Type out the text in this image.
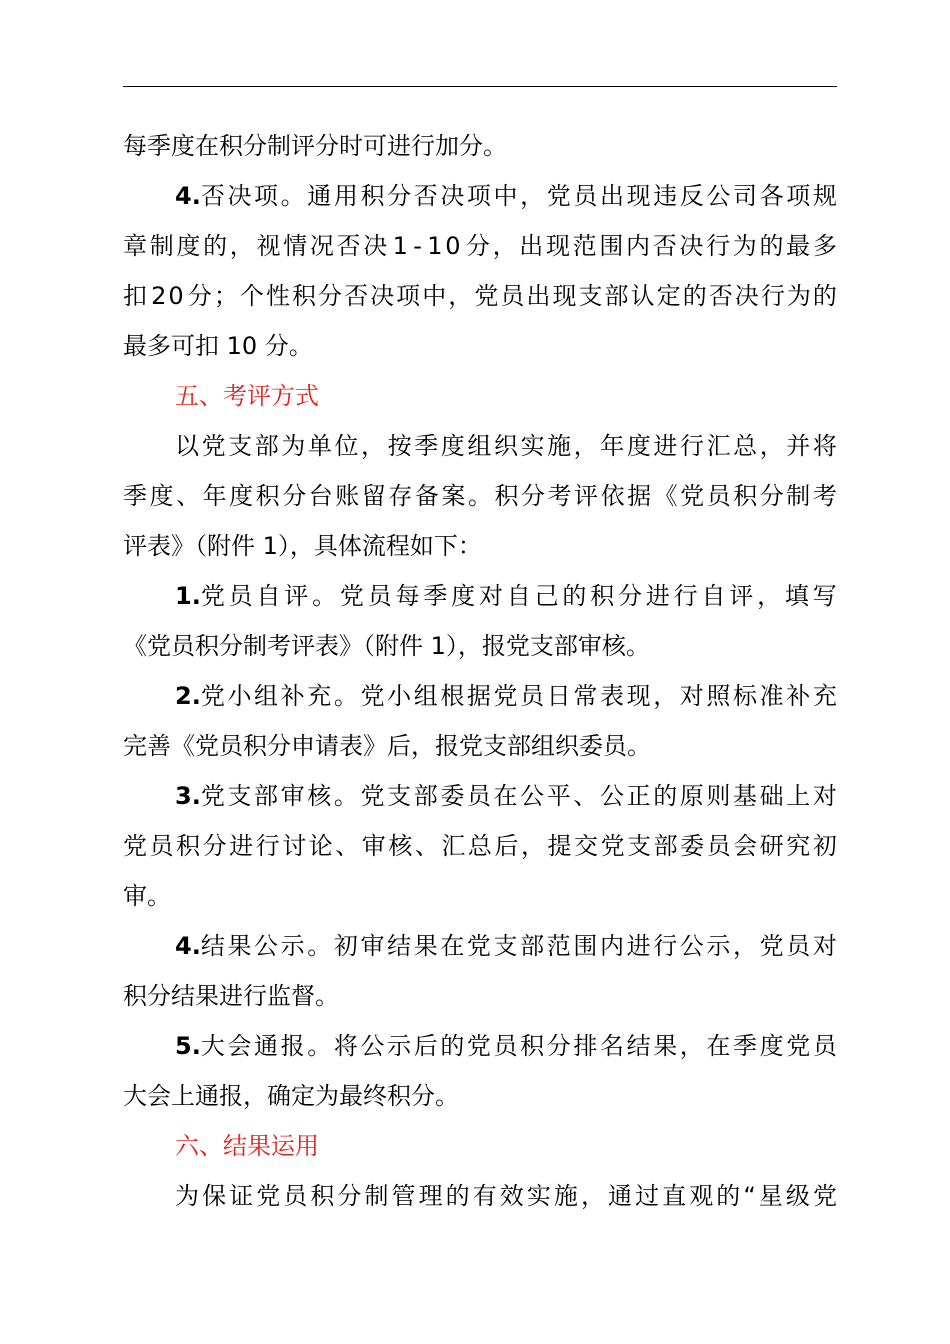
每季度在积分制评分时可进行加分。
4. 否 决 项 。 通 用 积 分 否 决 项 中 ， 党 员 出 现 违 反 公 司 各 项 规
章 制 度 的 ， 视 情 况 否 决 1 - 1 0 分 ， 出 现 范 围 内 否 决 行 为 的 最 多
扣 2 0 分 ； 个 性 积 分 否 决 项 中 ， 党 员 出 现 支 部 认 定 的 否 决 行 为 的
最多可扣 10 分。
五、考评方式
以 党 支 部 为 单 位 ， 按 季 度 组 织 实 施 ， 年 度 进 行 汇 总 ， 并 将
季 度 、 年 度 积 分 台 账 留 存 备 案 。 积 分 考 评 依 据 《 党 员 积 分 制 考
评表》（附件 1），具体流程如下：
1. 党 员 自 评 。 党 员 每 季 度 对 自 己 的 积 分 进 行 自 评 ， 填 写
《党员积分制考评表》（附件 1），报党支部审核。
2. 党 小 组 补 充 。 党 小 组 根 据 党 员 日 常 表 现 ， 对 照 标 准 补 充
完善《党员积分申请表》后，报党支部组织委员。
3. 党 支 部 审 核 。 党 支 部 委 员 在 公 平 、 公 正 的 原 则 基 础 上 对
党 员 积 分 进 行 讨 论 、 审 核 、 汇 总 后 ， 提 交 党 支 部 委 员 会 研 究 初
审。
4. 结 果 公 示 。 初 审 结 果 在 党 支 部 范 围 内 进 行 公 示 ， 党 员 对
积分结果进行监督。
5. 大 会 通 报 。 将 公 示 后 的 党 员 积 分 排 名 结 果 ， 在 季 度 党 员
大会上通报，确定为最终积分。
六、结果运用
为 保 证 党 员 积 分 制 管 理 的 有 效 实 施 ， 通 过 直 观 的 “ 星 级 党
